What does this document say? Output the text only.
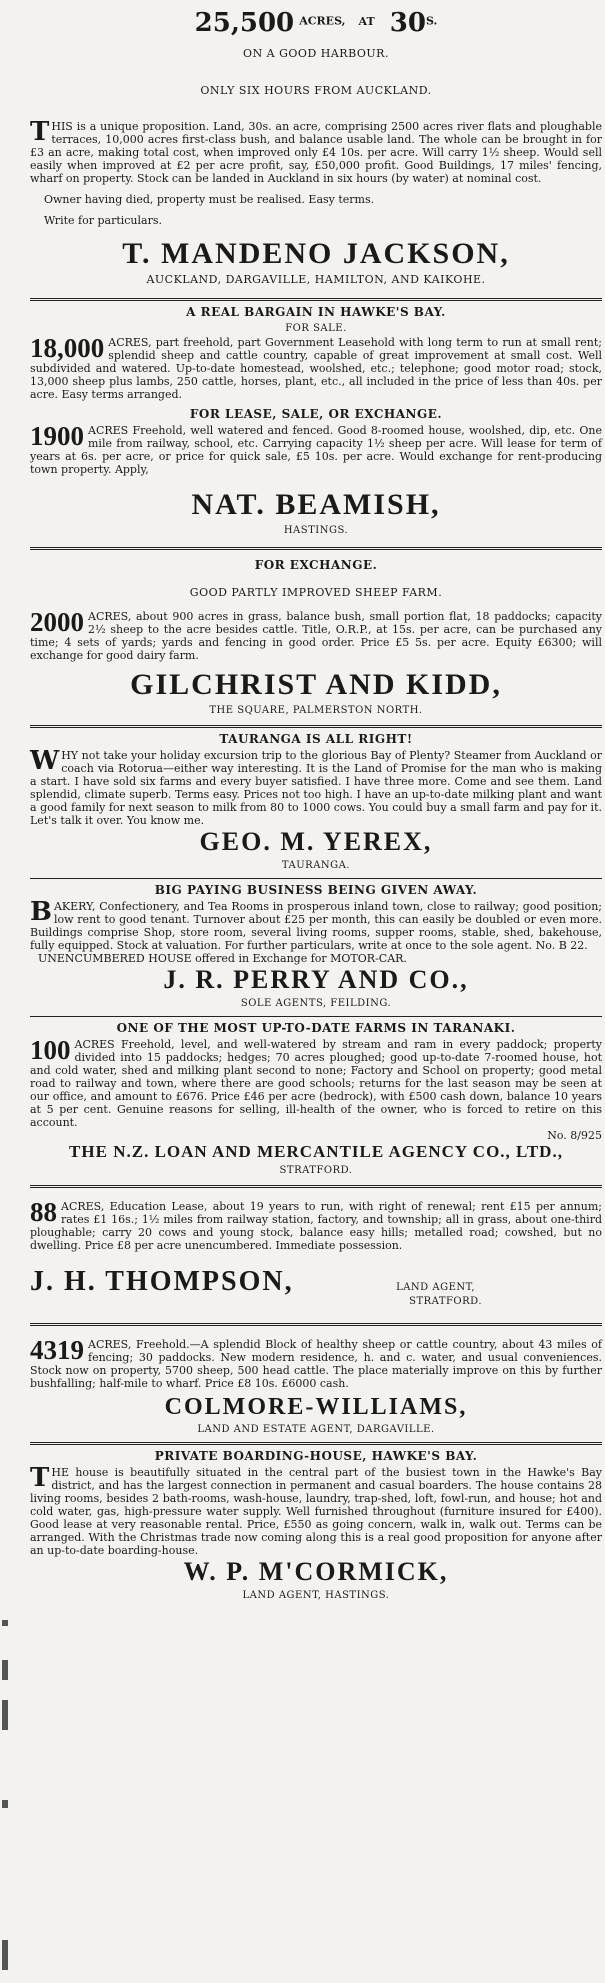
25,500 $^{ACRES,}$ $^{AT}$ $30^{S.}$
ON A GOOD HARBOUR.
ONLY SIX HOURS FROM AUCKLAND.
T HIS is a unique proposition. Land, 30s. an acre, comprising 2500 acres river flats and ploughable terraces, 10,000 acres first-class bush, and balance usable land. The whole can be brought in for £3 an acre, making total cost, when improved only £4 10s. per acre. Will carry 1½ sheep. Would sell easily when improved at £2 per acre profit, say, £50,000 profit. Good Buildings, 17 miles' fencing, wharf on property. Stock can be landed in Auckland in six hours (by water) at nominal cost.

Owner having died, property must be realised. Easy terms.

Write for particulars.

T. MANDENO JACKSON,
AUCKLAND, DARGAVILLE, HAMILTON, AND KAIKOHE.
A REAL BARGAIN IN HAWKE'S BAY.
FOR SALE.
18,000 ACRES, part freehold, part Government Leasehold with long term to run at small rent; splendid sheep and cattle country, capable of great improvement at small cost. Well subdivided and watered. Up-to-date homestead, woolshed, etc.; telephone; good motor road; stock, 13,000 sheep plus lambs, 250 cattle, horses, plant, etc., all included in the price of less than 40s. per acre. Easy terms arranged.

FOR LEASE, SALE, OR EXCHANGE.
1900 ACRES Freehold, well watered and fenced. Good 8-roomed house, woolshed, dip, etc. One mile from railway, school, etc. Carrying capacity 1½ sheep per acre. Will lease for term of years at 6s. per acre, or price for quick sale, £5 10s. per acre. Would exchange for rent-producing town property. Apply,

NAT. BEAMISH,
HASTINGS.
FOR EXCHANGE.
GOOD PARTLY IMPROVED SHEEP FARM.
2000 ACRES, about 900 acres in grass, balance bush, small portion flat, 18 paddocks; capacity 2½ sheep to the acre besides cattle. Title, O.R.P., at 15s. per acre, can be purchased any time; 4 sets of yards; yards and fencing in good order. Price £5 5s. per acre. Equity £6300; will exchange for good dairy farm.

GILCHRIST AND KIDD,
THE SQUARE, PALMERSTON NORTH.
TAURANGA IS ALL RIGHT!
W HY not take your holiday excursion trip to the glorious Bay of Plenty? Steamer from Auckland or coach via Rotorua—either way interesting. It is the Land of Promise for the man who is making a start. I have sold six farms and every buyer satisfied. I have three more. Come and see them. Land splendid, climate superb. Terms easy. Prices not too high. I have an up-to-date milking plant and want a good family for next season to milk from 80 to 1000 cows. You could buy a small farm and pay for it. Let's talk it over. You know me.

GEO. M. YEREX,
TAURANGA.
BIG PAYING BUSINESS BEING GIVEN AWAY.
B AKERY, Confectionery, and Tea Rooms in prosperous inland town, close to railway; good position; low rent to good tenant. Turnover about £25 per month, this can easily be doubled or even more. Buildings comprise Shop, store room, several living rooms, supper rooms, stable, shed, bakehouse, fully equipped. Stock at valuation. For further particulars, write at once to the sole agent. No. B 22.

UNENCUMBERED HOUSE offered in Exchange for MOTOR-CAR.

J. R. PERRY AND CO.,
SOLE AGENTS, FEILDING.
ONE OF THE MOST UP-TO-DATE FARMS IN TARANAKI.
100 ACRES Freehold, level, and well-watered by stream and ram in every paddock; property divided into 15 paddocks; hedges; 70 acres ploughed; good up-to-date 7-roomed house, hot and cold water, shed and milking plant second to none; Factory and School on property; good metal road to railway and town, where there are good schools; returns for the last season may be seen at our office, and amount to £676. Price £46 per acre (bedrock), with £500 cash down, balance 10 years at 5 per cent. Genuine reasons for selling, ill-health of the owner, who is forced to retire on this account.

No. 8/925
THE N.Z. LOAN AND MERCANTILE AGENCY CO., LTD.,
STRATFORD.
88 ACRES, Education Lease, about 19 years to run, with right of renewal; rent £15 per annum; rates £1 16s.; 1½ miles from railway station, factory, and township; all in grass, about one-third ploughable; carry 20 cows and young stock, balance easy hills; metalled road; cowshed, but no dwelling. Price £8 per acre unencumbered. Immediate possession.

J. H. THOMPSON,	LAND AGENT,
STRATFORD.
4319 ACRES, Freehold.—A splendid Block of healthy sheep or cattle country, about 43 miles of fencing; 30 paddocks. New modern residence, h. and c. water, and usual conveniences. Stock now on property, 5700 sheep, 500 head cattle. The place materially improve on this by further bushfalling; half-mile to wharf. Price £8 10s. £6000 cash.

COLMORE-WILLIAMS,
LAND AND ESTATE AGENT, DARGAVILLE.
PRIVATE BOARDING-HOUSE, HAWKE'S BAY.
T HE house is beautifully situated in the central part of the busiest town in the Hawke's Bay district, and has the largest connection in permanent and casual boarders. The house contains 28 living rooms, besides 2 bath-rooms, wash-house, laundry, trap-shed, loft, fowl-run, and house; hot and cold water, gas, high-pressure water supply. Well furnished throughout (furniture insured for £400). Good lease at very reasonable rental. Price, £550 as going concern, walk in, walk out. Terms can be arranged. With the Christmas trade now coming along this is a real good proposition for anyone after an up-to-date boarding-house.

W. P. M'CORMICK,
LAND AGENT, HASTINGS.
